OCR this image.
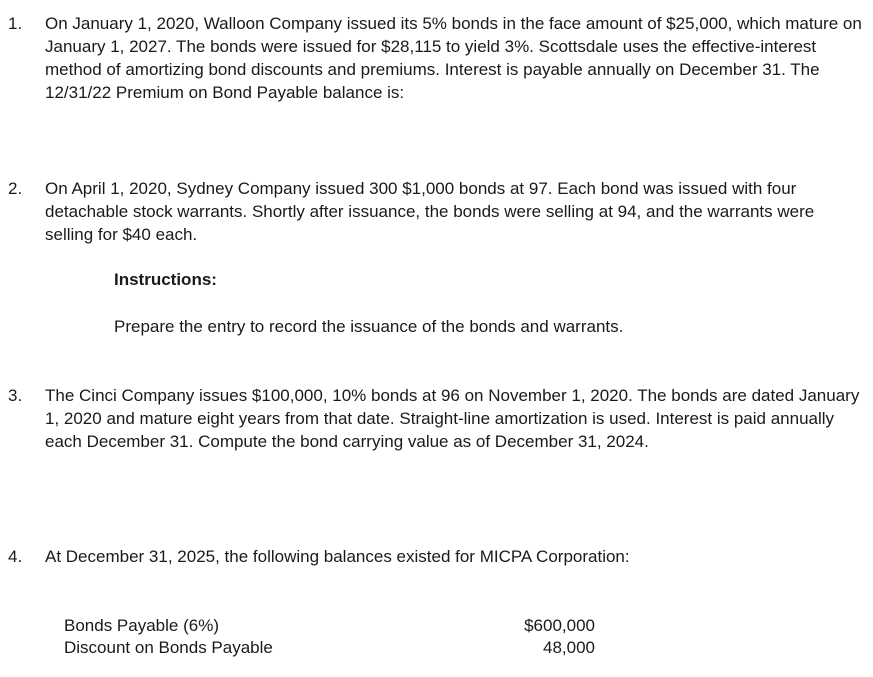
1. On January 1, 2020, Walloon Company issued its 5% bonds in the face amount of $25,000, which mature on January 1, 2027. The bonds were issued for $28,115 to yield 3%. Scottsdale uses the effective-interest method of amortizing bond discounts and premiums. Interest is payable annually on December 31. The 12/31/22 Premium on Bond Payable balance is:
2. On April 1, 2020, Sydney Company issued 300 $1,000 bonds at 97. Each bond was issued with four detachable stock warrants. Shortly after issuance, the bonds were selling at 94, and the warrants were selling for $40 each.
Instructions:
Prepare the entry to record the issuance of the bonds and warrants.
3. The Cinci Company issues $100,000, 10% bonds at 96 on November 1, 2020. The bonds are dated January 1, 2020 and mature eight years from that date. Straight-line amortization is used. Interest is paid annually each December 31. Compute the bond carrying value as of December 31, 2024.
4. At December 31, 2025, the following balances existed for MICPA Corporation:
Bonds Payable (6%)	$600,000
Discount on Bonds Payable	48,000
